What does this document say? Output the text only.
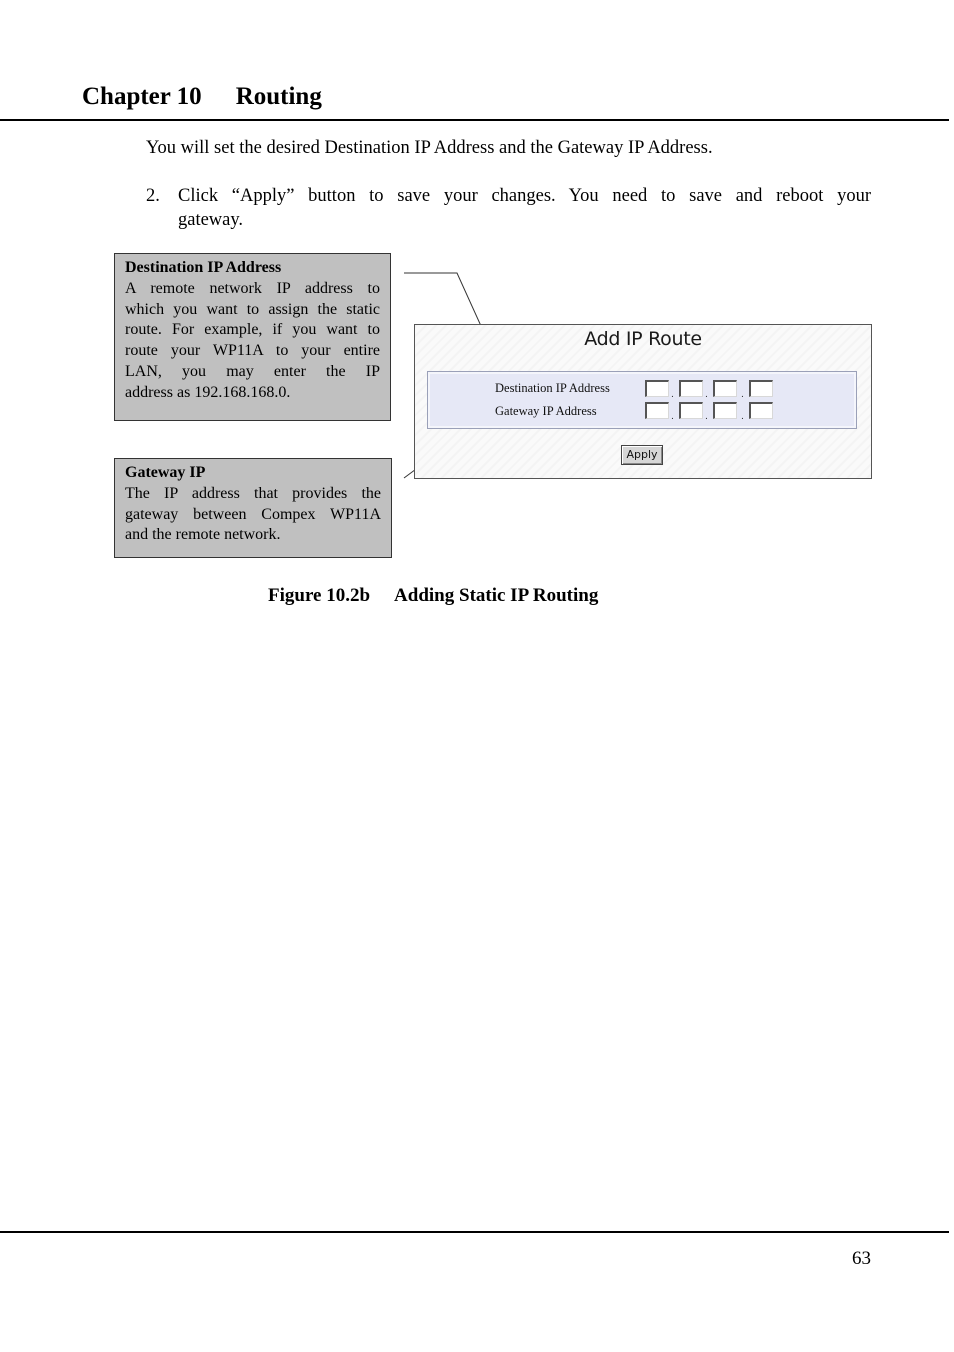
Chapter 10 Routing
You will set the desired Destination IP Address and the Gateway IP Address.
2. Click “Apply” button to save your changes. You need to save and reboot your
gateway.
Destination IP Address
A remote network IP address to
which you want to assign the static
route. For example, if you want to
route your WP11A to your entire
LAN, you may enter the IP
address as 192.168.168.0.
Gateway IP
The IP address that provides the
gateway between Compex WP11A
and the remote network.
Add IP Route
Destination IP Address	.	.	.
Gateway IP Address	.	.	.
Apply
Figure 10.2b Adding Static IP Routing
63
